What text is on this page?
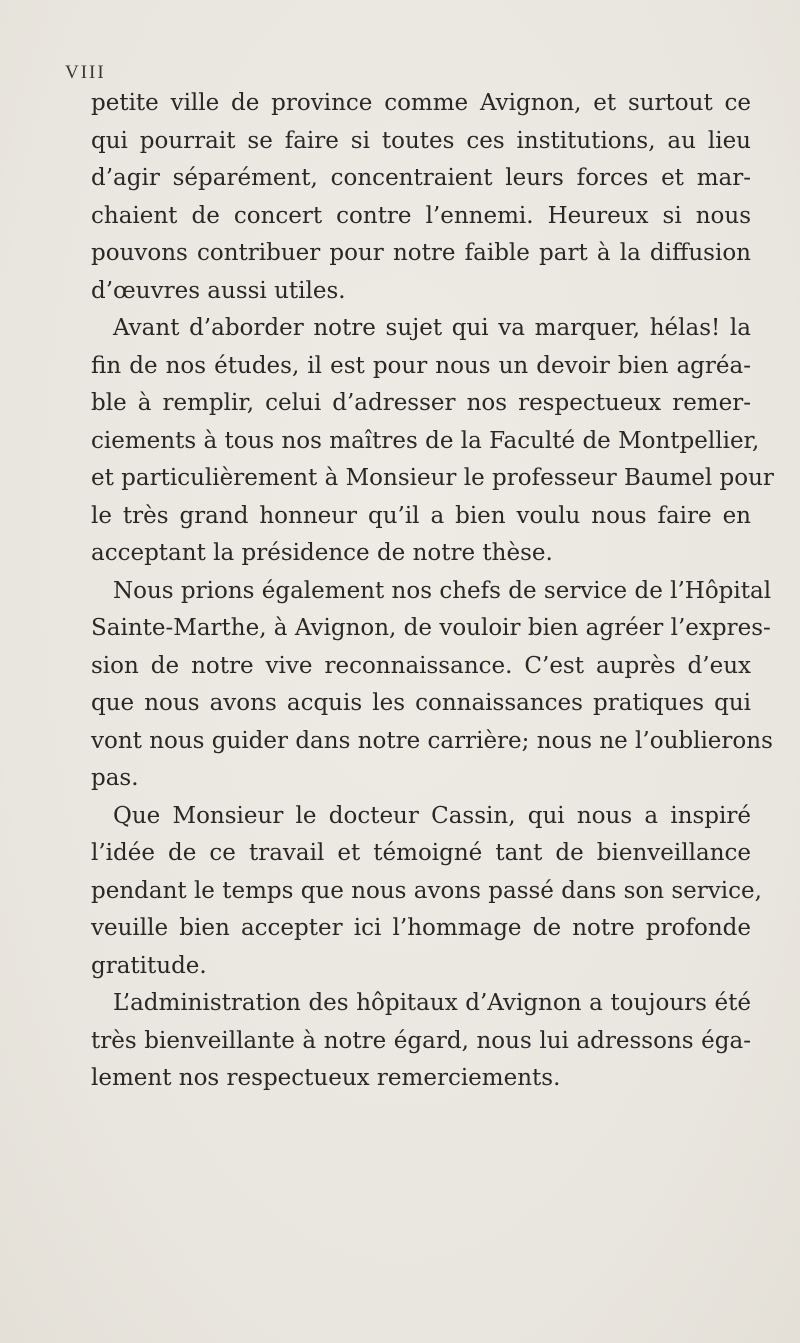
VIII
petite ville de province comme Avignon, et surtout ce
qui pourrait se faire si toutes ces institutions, au lieu
d’agir séparément, concentraient leurs forces et mar-
chaient de concert contre l’ennemi. Heureux si nous
pouvons contribuer pour notre faible part à la diffusion
d’œuvres aussi utiles.
Avant d’aborder notre sujet qui va marquer, hélas! la
fin de nos études, il est pour nous un devoir bien agréa-
ble à remplir, celui d’adresser nos respectueux remer-
ciements à tous nos maîtres de la Faculté de Montpellier,
et particulièrement à Monsieur le professeur Baumel pour
le très grand honneur qu’il a bien voulu nous faire en
acceptant la présidence de notre thèse.
Nous prions également nos chefs de service de l’Hôpital
Sainte-Marthe, à Avignon, de vouloir bien agréer l’expres-
sion de notre vive reconnaissance. C’est auprès d’eux
que nous avons acquis les connaissances pratiques qui
vont nous guider dans notre carrière; nous ne l’oublierons
pas.
Que Monsieur le docteur Cassin, qui nous a inspiré
l’idée de ce travail et témoigné tant de bienveillance
pendant le temps que nous avons passé dans son service,
veuille bien accepter ici l’hommage de notre profonde
gratitude.
L’administration des hôpitaux d’Avignon a toujours été
très bienveillante à notre égard, nous lui adressons éga-
lement nos respectueux remerciements.
